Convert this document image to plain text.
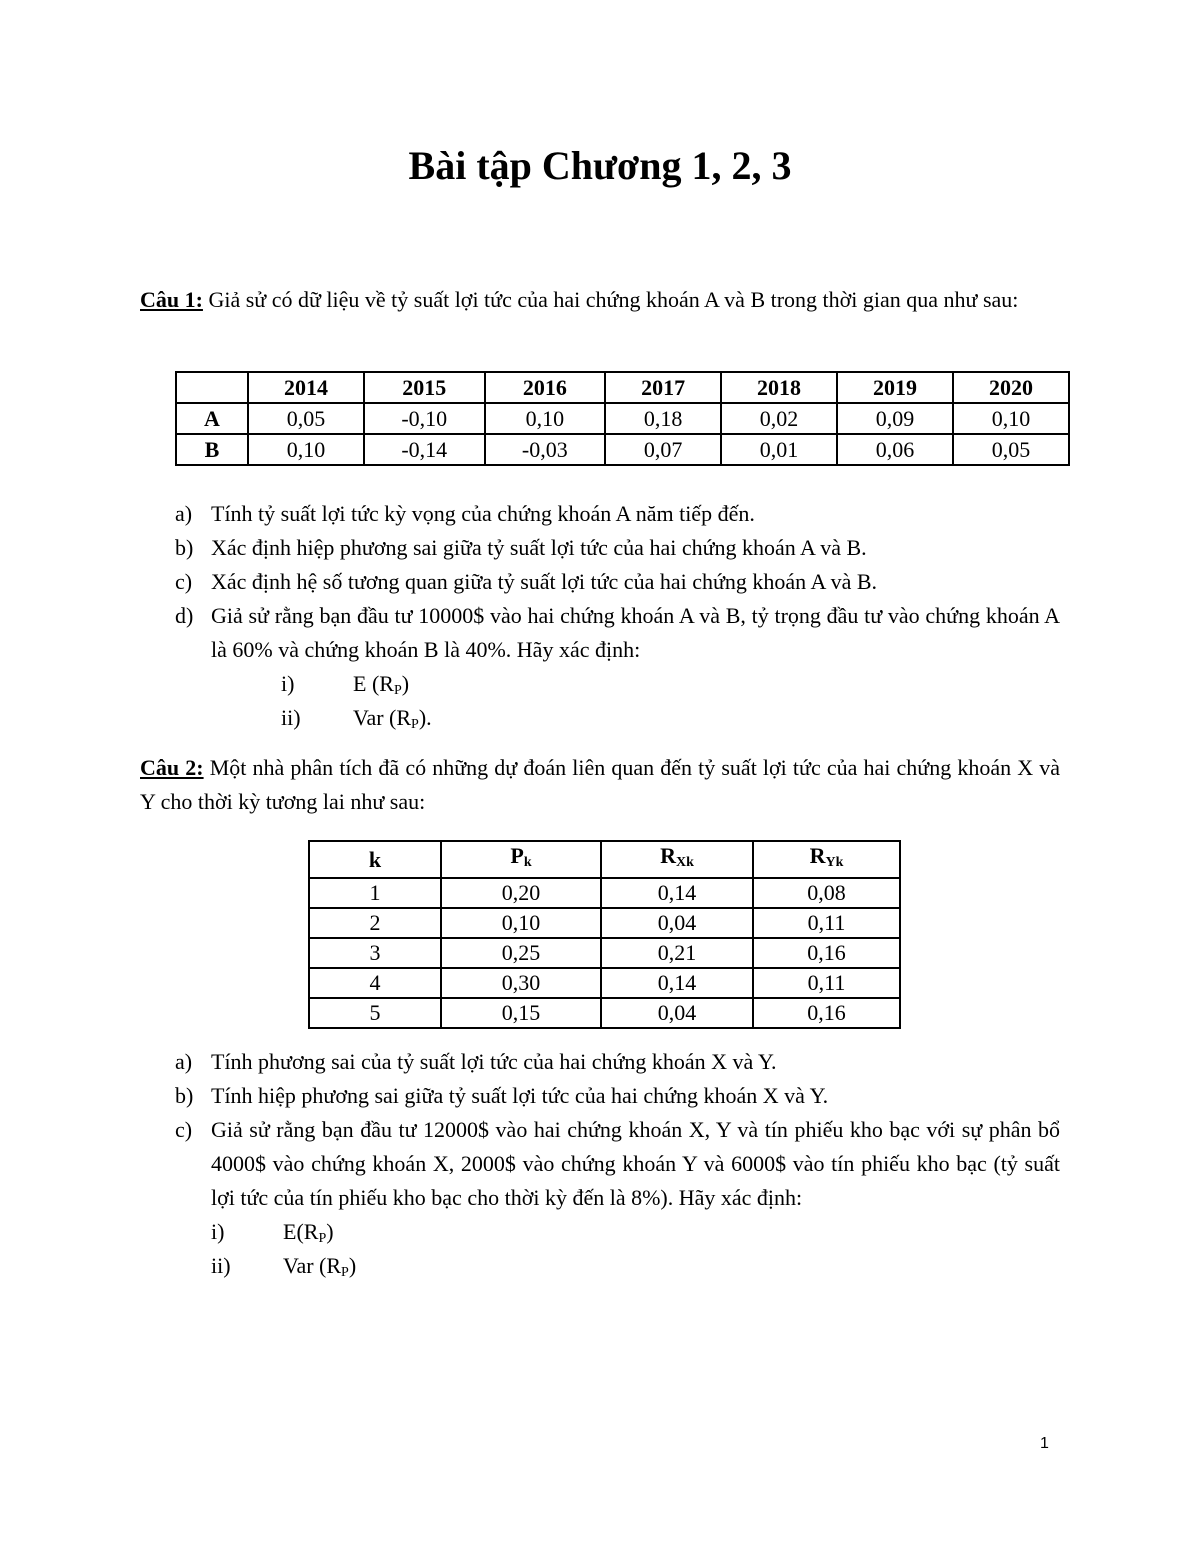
Bài tập Chương 1, 2, 3
Câu 1: Giả sử có dữ liệu về tỷ suất lợi tức của hai chứng khoán A và B trong thời gian qua như sau:
	2014	2015	2016	2017	2018	2019	2020
A	0,05	-0,10	0,10	0,18	0,02	0,09	0,10
B	0,10	-0,14	-0,03	0,07	0,01	0,06	0,05
a) Tính tỷ suất lợi tức kỳ vọng của chứng khoán A năm tiếp đến.
b) Xác định hiệp phương sai giữa tỷ suất lợi tức của hai chứng khoán A và B.
c) Xác định hệ số tương quan giữa tỷ suất lợi tức của hai chứng khoán A và B.
d) Giả sử rằng bạn đầu tư 10000$ vào hai chứng khoán A và B, tỷ trọng đầu tư vào chứng khoán A là 60% và chứng khoán B là 40%. Hãy xác định:
i)	E $(R_P)$
ii) Var $(R_P)$.
Câu 2: Một nhà phân tích đã có những dự đoán liên quan đến tỷ suất lợi tức của hai chứng khoán X và Y cho thời kỳ tương lai như sau:
k	$P_k$	$R_{Xk}$	$R_{Yk}$
1	0,20	0,14	0,08
2	0,10	0,04	0,11
3	0,25	0,21	0,16
4	0,30	0,14	0,11
5	0,15	0,04	0,16
a) Tính phương sai của tỷ suất lợi tức của hai chứng khoán X và Y.
b) Tính hiệp phương sai giữa tỷ suất lợi tức của hai chứng khoán X và Y.
c) Giả sử rằng bạn đầu tư 12000$ vào hai chứng khoán X, Y và tín phiếu kho bạc với sự phân bổ 4000$ vào chứng khoán X, 2000$ vào chứng khoán Y và 6000$ vào tín phiếu kho bạc (tỷ suất lợi tức của tín phiếu kho bạc cho thời kỳ đến là 8%). Hãy xác định:
i)	$E(R_P)$
ii) Var $(R_P)$
1
